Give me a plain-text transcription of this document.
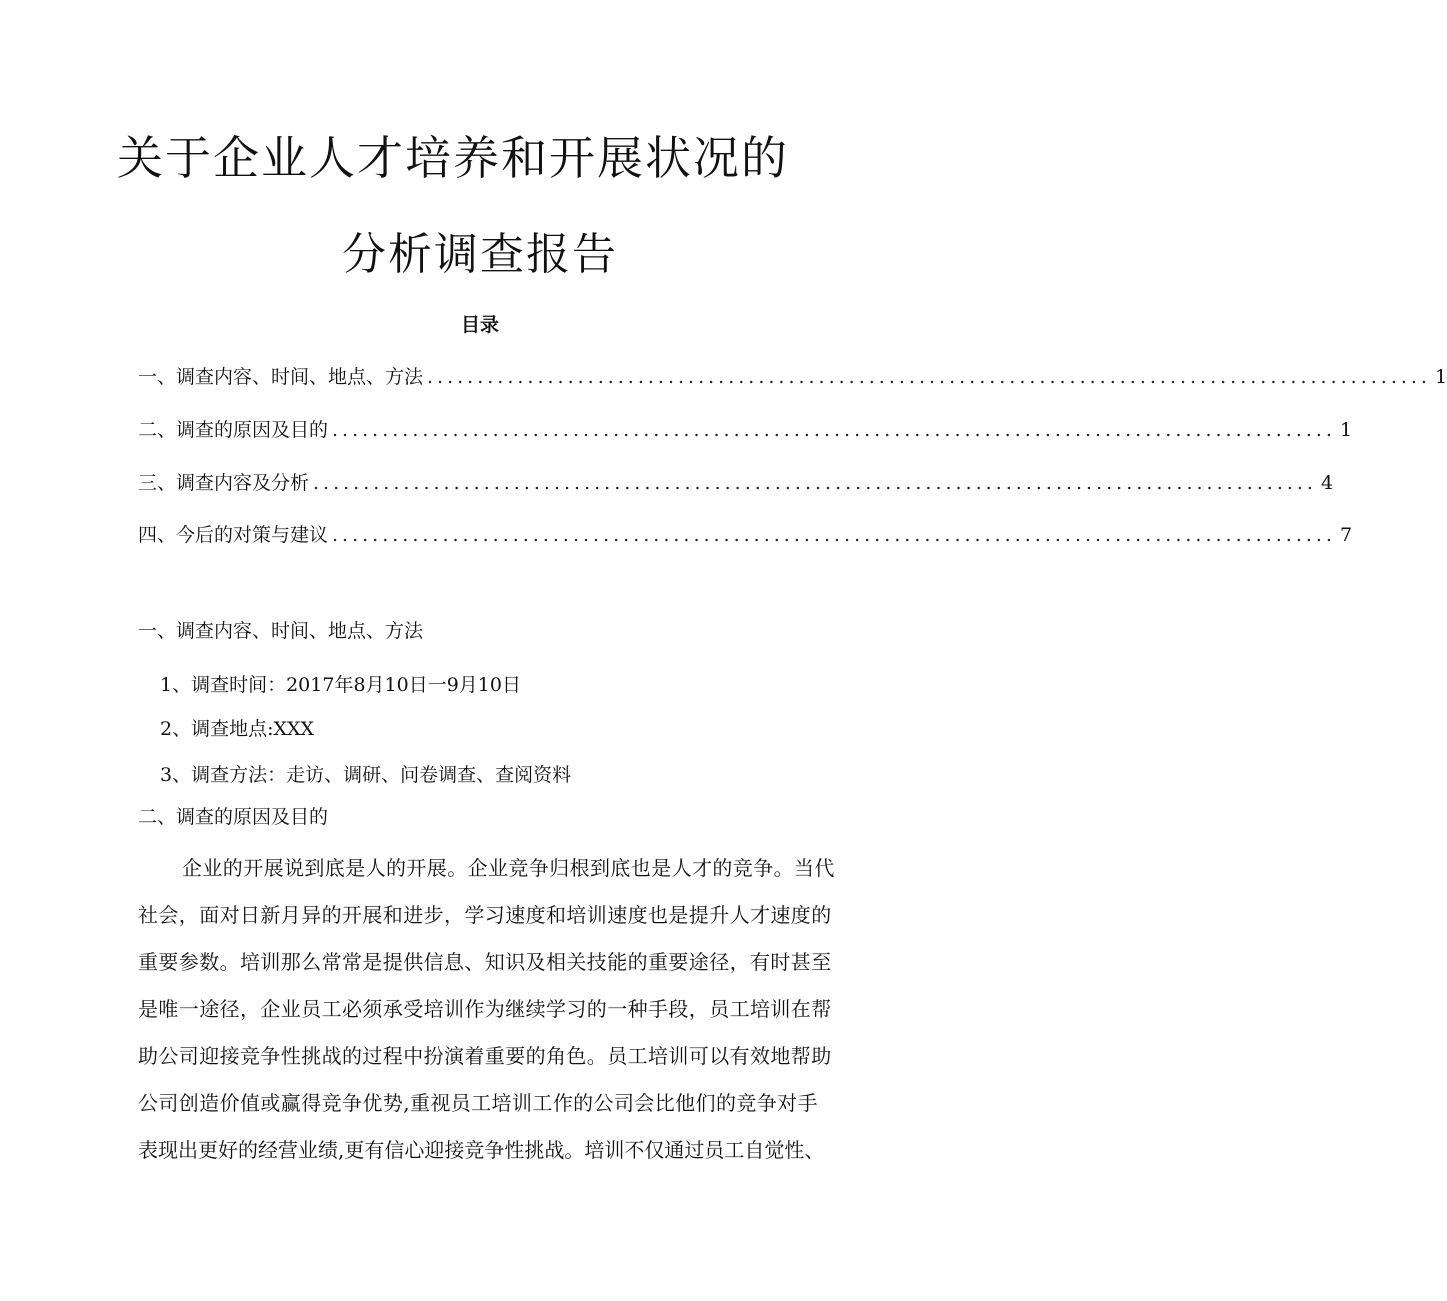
关于企业人才培养和开展状况的
分析调查报告
目录
一、调查内容、时间、地点、方法 .................................................................................................... 1
二、调查的原因及目的 .................................................................................................... 1
三、调查内容及分析 .................................................................................................... 4
四、今后的对策与建议 .................................................................................................... 7
一、调查内容、时间、地点、方法
1、调查时间：2017年8月10日一9月10日
2、调查地点:XXX
3、调查方法：走访、调研、问卷调查、查阅资料
二、调查的原因及目的
企业的开展说到底是人的开展。企业竞争归根到底也是人才的竞争。当代
社会，面对日新月异的开展和进步，学习速度和培训速度也是提升人才速度的
重要参数。培训那么常常是提供信息、知识及相关技能的重要途径，有时甚至
是唯一途径，企业员工必须承受培训作为继续学习的一种手段，员工培训在帮
助公司迎接竞争性挑战的过程中扮演着重要的角色。员工培训可以有效地帮助
公司创造价值或赢得竞争优势,重视员工培训工作的公司会比他们的竞争对手
表现出更好的经营业绩,更有信心迎接竞争性挑战。培训不仅通过员工自觉性、
